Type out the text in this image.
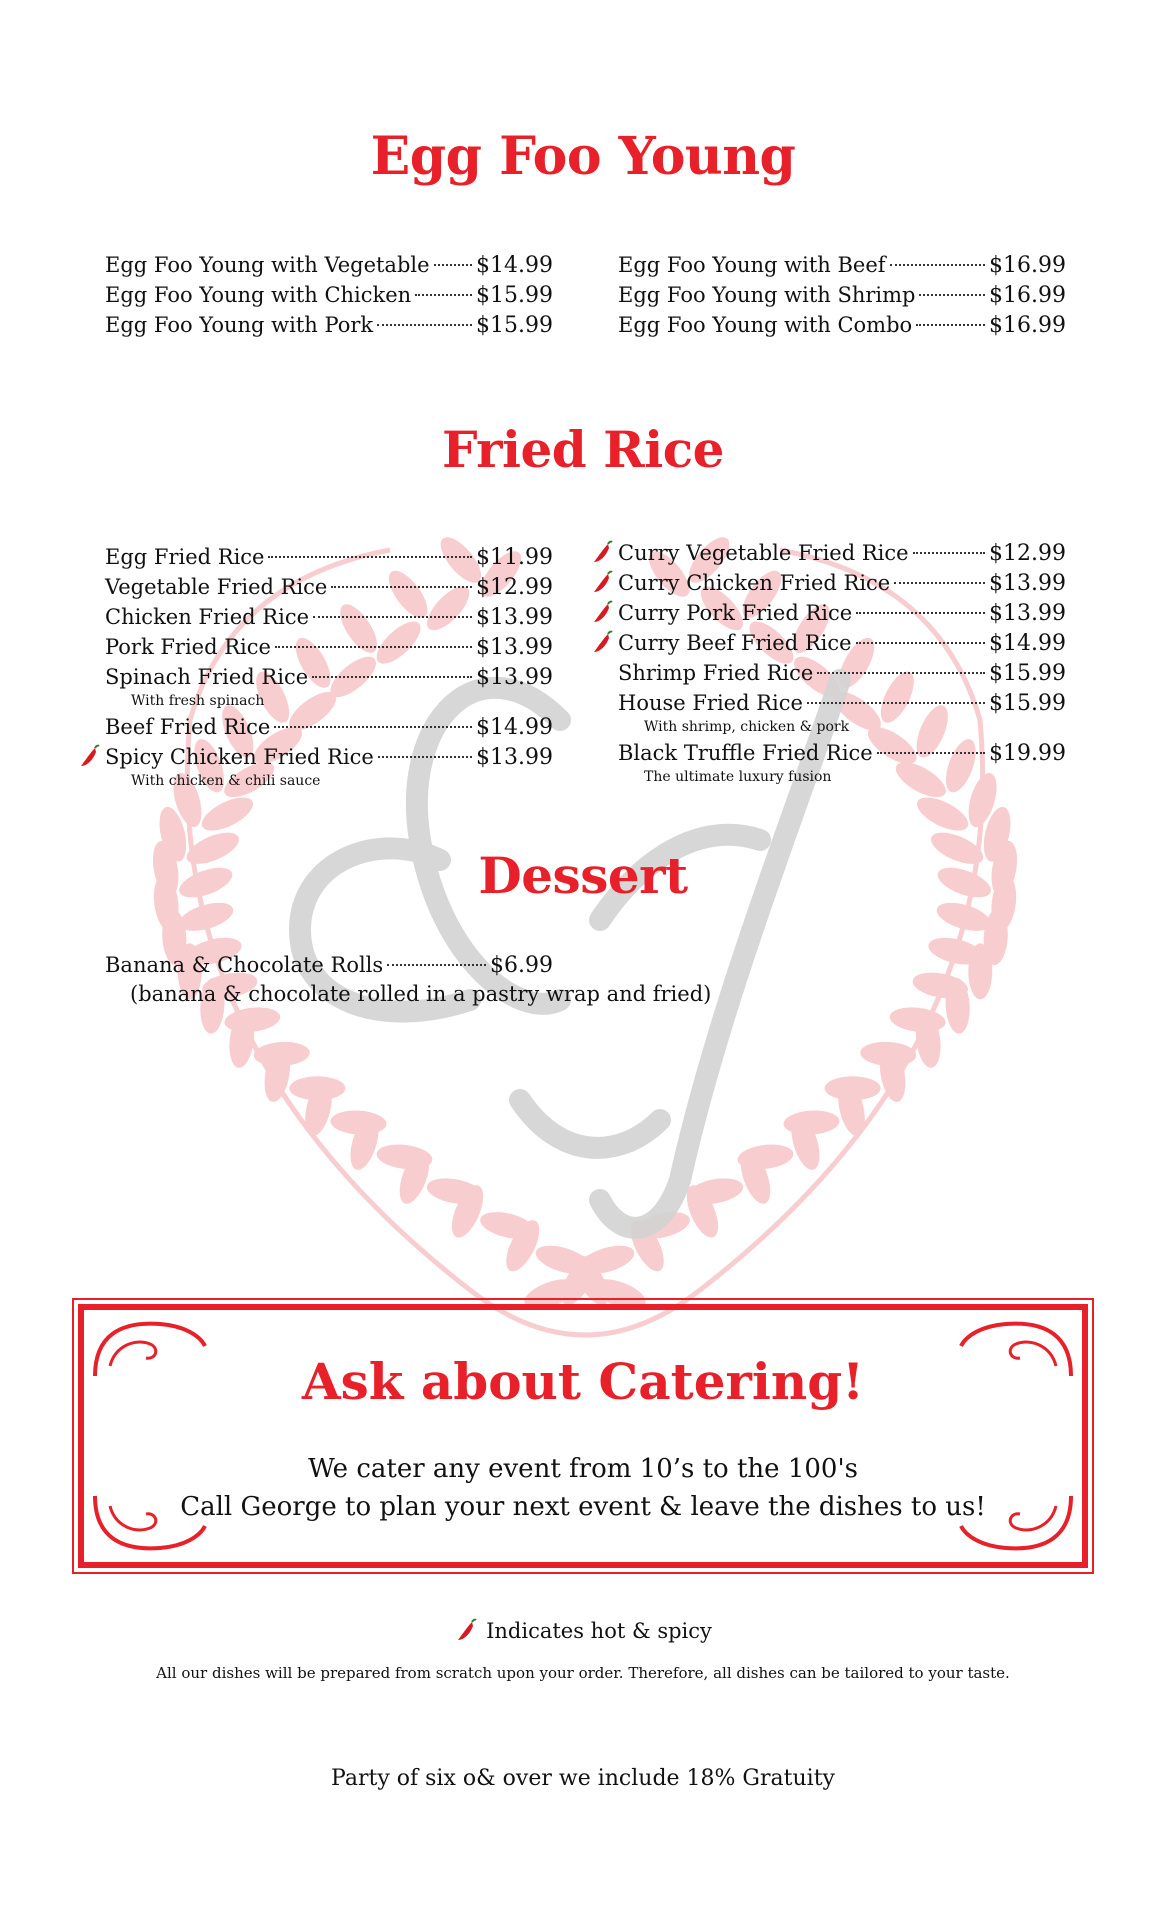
Egg Foo Young
Egg Foo Young with Vegetable $14.99
Egg Foo Young with Chicken	$15.99
Egg Foo Young with Pork	$15.99
Egg Foo Young with Beef	$16.99
Egg Foo Young with Shrimp	$16.99
Egg Foo Young with Combo	$16.99
Fried Rice
Egg Fried Rice	$11.99
Vegetable Fried Rice	$12.99
Chicken Fried Rice	$13.99
Pork Fried Rice	$13.99
Spinach Fried Rice	$13.99
With fresh spinach
Beef Fried Rice	$14.99
Spicy Chicken Fried Rice	$13.99
With chicken & chili sauce
Curry Vegetable Fried Rice	$12.99
Curry Chicken Fried Rice	$13.99
Curry Pork Fried Rice	$13.99
Curry Beef Fried Rice	$14.99
Shrimp Fried Rice	$15.99
House Fried Rice	$15.99
With shrimp, chicken & pork
Black Truffle Fried Rice	$19.99
The ultimate luxury fusion
Dessert
Banana & Chocolate Rolls	$6.99
(banana & chocolate rolled in a pastry wrap and fried)
Ask about Catering!
We cater any event from 10’s to the 100's
Call George to plan your next event & leave the dishes to us!
Indicates hot & spicy
All our dishes will be prepared from scratch upon your order. Therefore, all dishes can be tailored to your taste.
Party of six o& over we include 18% Gratuity
